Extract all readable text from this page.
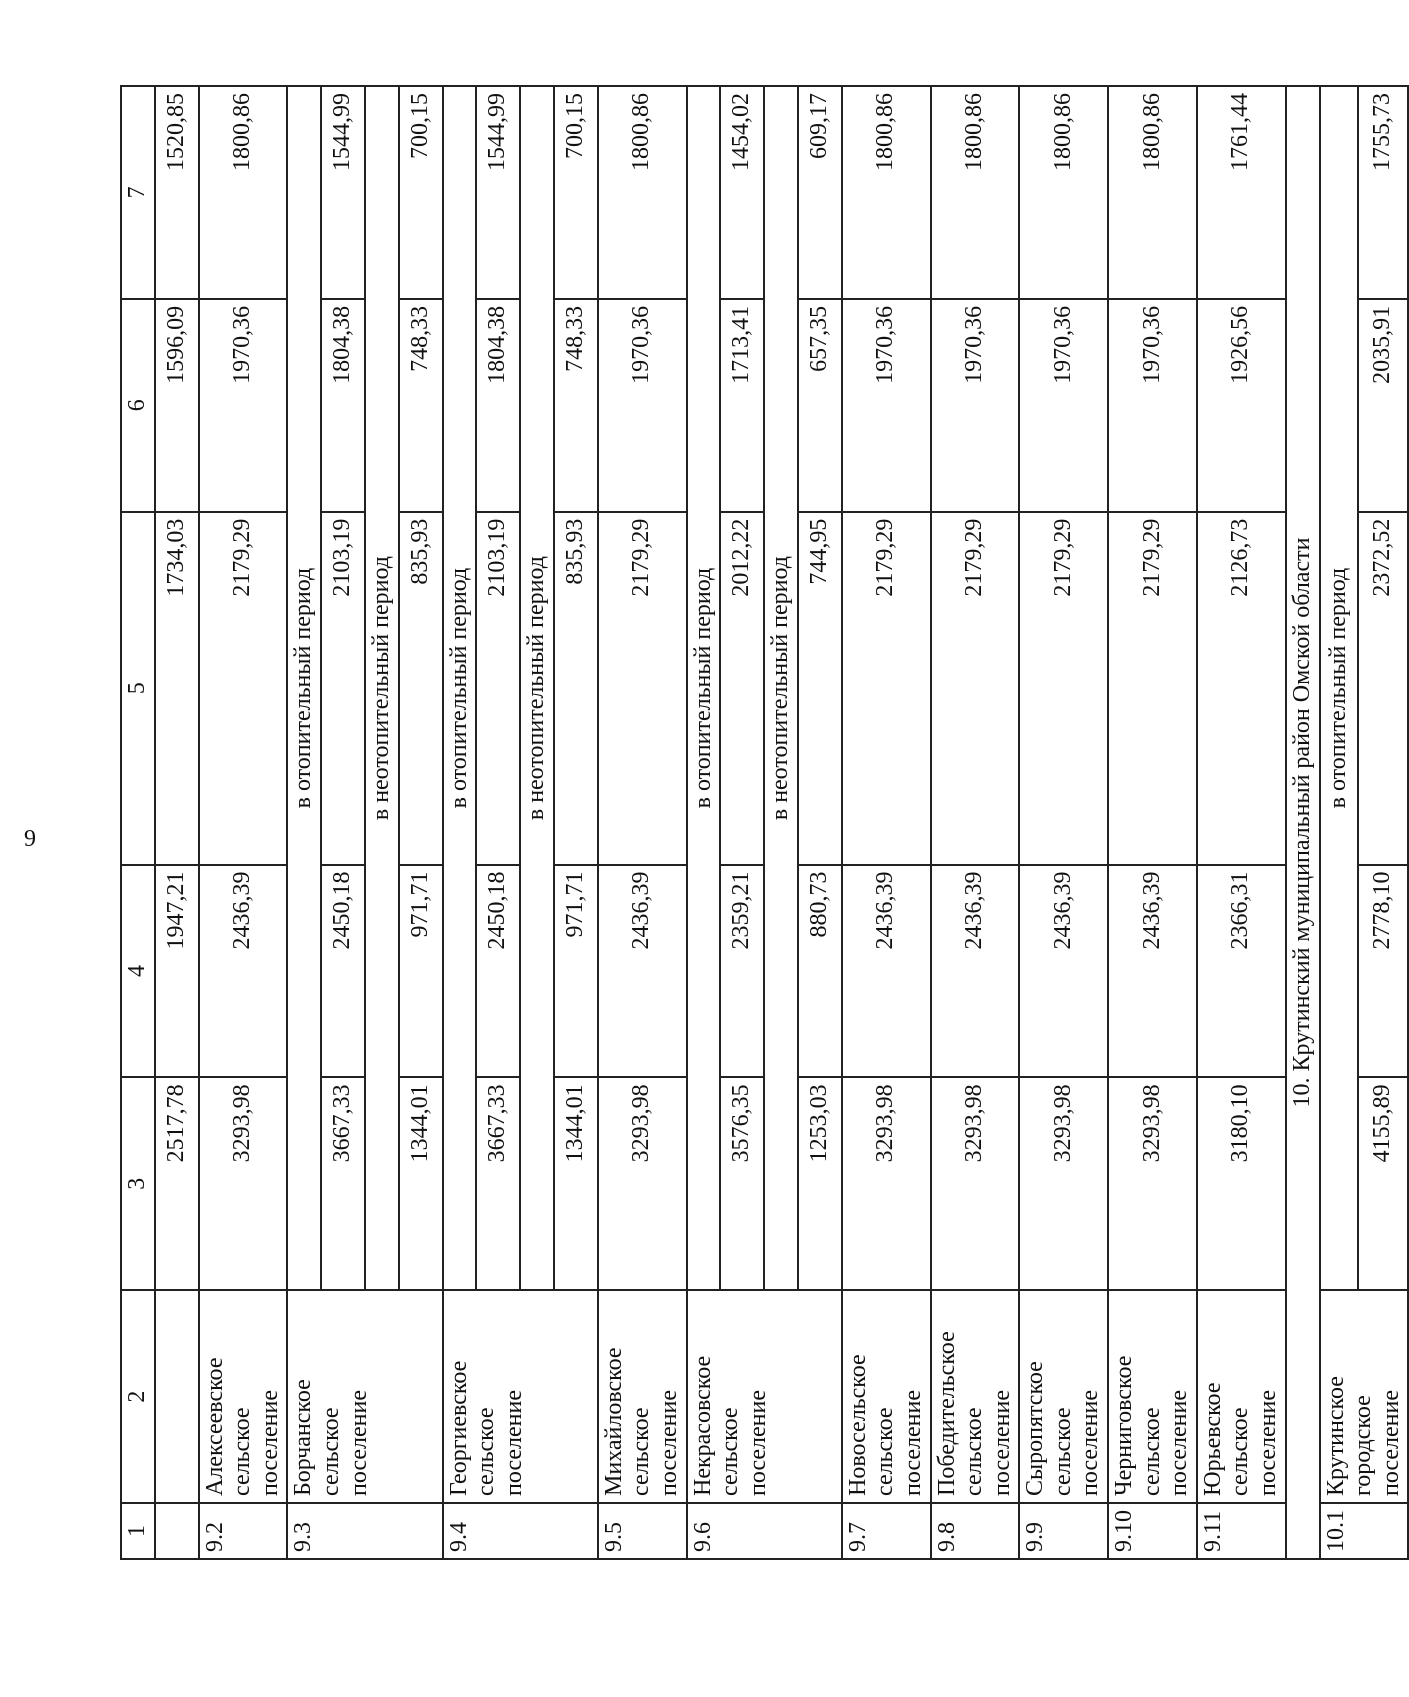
9
1	2	3	4	5	6	7
		2517,78	1947,21	1734,03	1596,09	1520,85
9.2	Алексеевское сельское поселение	3293,98	2436,39	2179,29	1970,36	1800,86
9.3	Борчанское сельское поселение	в отопительный период				
		3667,33	2450,18	2103,19	1804,38	1544,99
		в неотопительный период				
		1344,01	971,71	835,93	748,33	700,15
9.4	Георгиевское сельское поселение	в отопительный период				
		3667,33	2450,18	2103,19	1804,38	1544,99
		в неотопительный период				
		1344,01	971,71	835,93	748,33	700,15
9.5	Михайловское сельское поселение	3293,98	2436,39	2179,29	1970,36	1800,86
9.6	Некрасовское сельское поселение	в отопительный период				
		3576,35	2359,21	2012,22	1713,41	1454,02
		в неотопительный период				
		1253,03	880,73	744,95	657,35	609,17
9.7	Новосельское сельское поселение	3293,98	2436,39	2179,29	1970,36	1800,86
9.8	Победительское сельское поселение	3293,98	2436,39	2179,29	1970,36	1800,86
9.9	Сыропятское сельское поселение	3293,98	2436,39	2179,29	1970,36	1800,86
9.10	Черниговское сельское поселение	3293,98	2436,39	2179,29	1970,36	1800,86
9.11	Юрьевское сельское поселение	3180,10	2366,31	2126,73	1926,56	1761,44
10. Крутинский муниципальный район Омской области						
10.1	Крутинское городское поселение	в отопительный период				
		4155,89	2778,10	2372,52	2035,91	1755,73
